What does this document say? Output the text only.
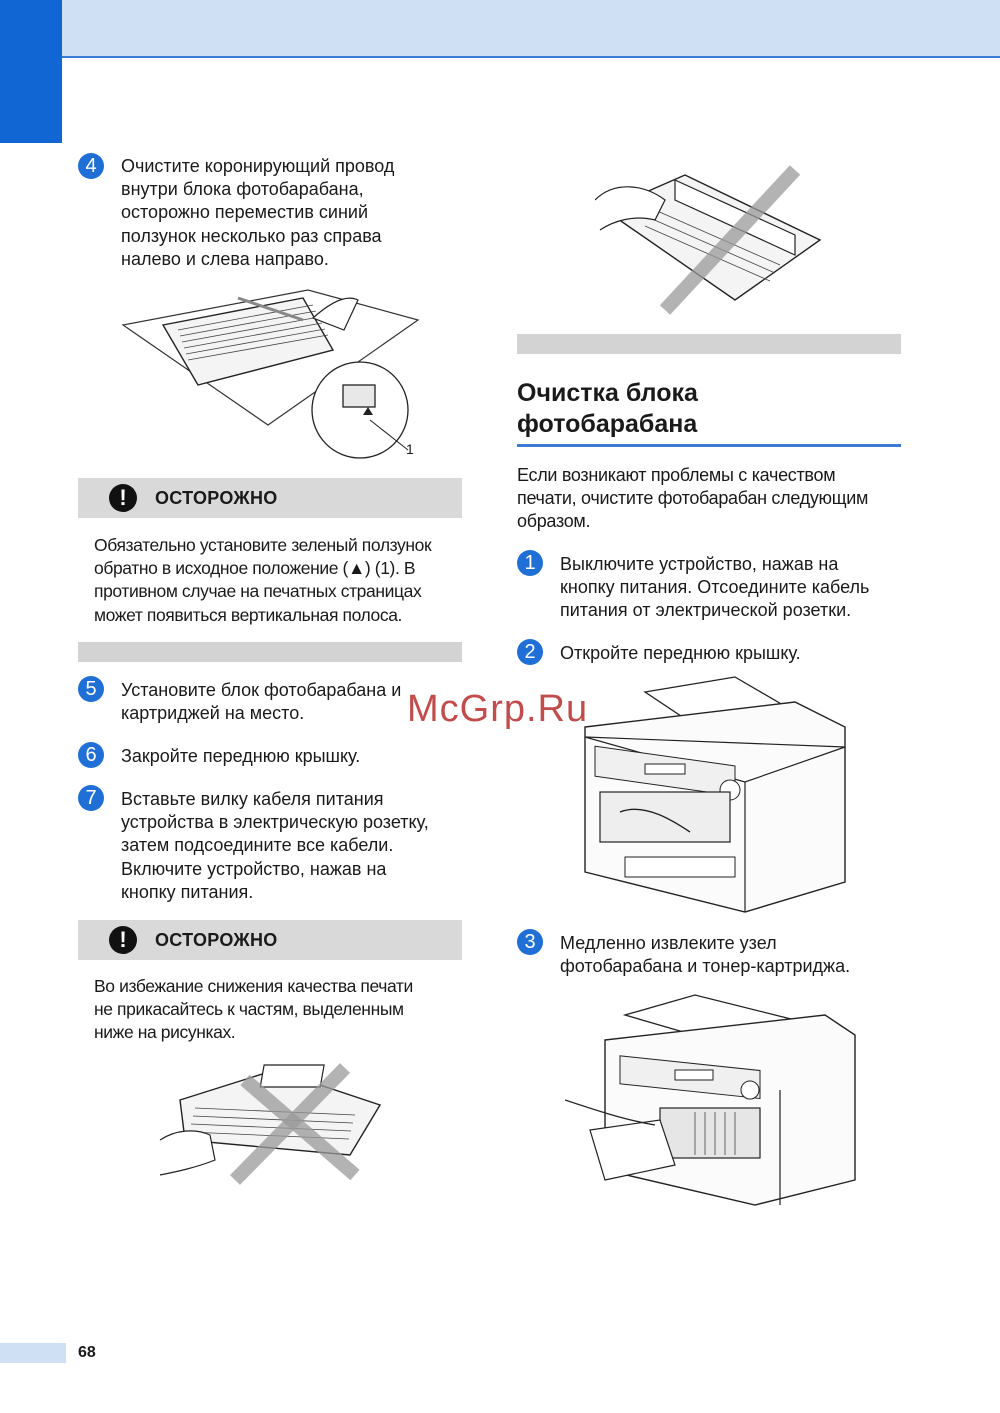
4	Очистите коронирующий провод
внутри блока фотобарабана,
осторожно переместив синий
ползунок несколько раз справа
налево и слева направо.
1
!	ОСТОРОЖНО
Обязательно установите зеленый ползунок
обратно в исходное положение (▲) (1). В
противном случае на печатных страницах
может появиться вертикальная полоса.
5	Установите блок фотобарабана и
картриджей на место.
6	Закройте переднюю крышку.
7	Вставьте вилку кабеля питания
устройства в электрическую розетку,
затем подсоедините все кабели.
Включите устройство, нажав на
кнопку питания.
!	ОСТОРОЖНО
Во избежание снижения качества печати
не прикасайтесь к частям, выделенным
ниже на рисунках.
Очистка блока
фотобарабана
Если возникают проблемы с качеством
печати, очистите фотобарабан следующим
образом.
1	Выключите устройство, нажав на
кнопку питания. Отсоедините кабель
питания от электрической розетки.
2	Откройте переднюю крышку.
3	Медленно извлеките узел
фотобарабана и тонер-картриджа.
McGrp.Ru
68
